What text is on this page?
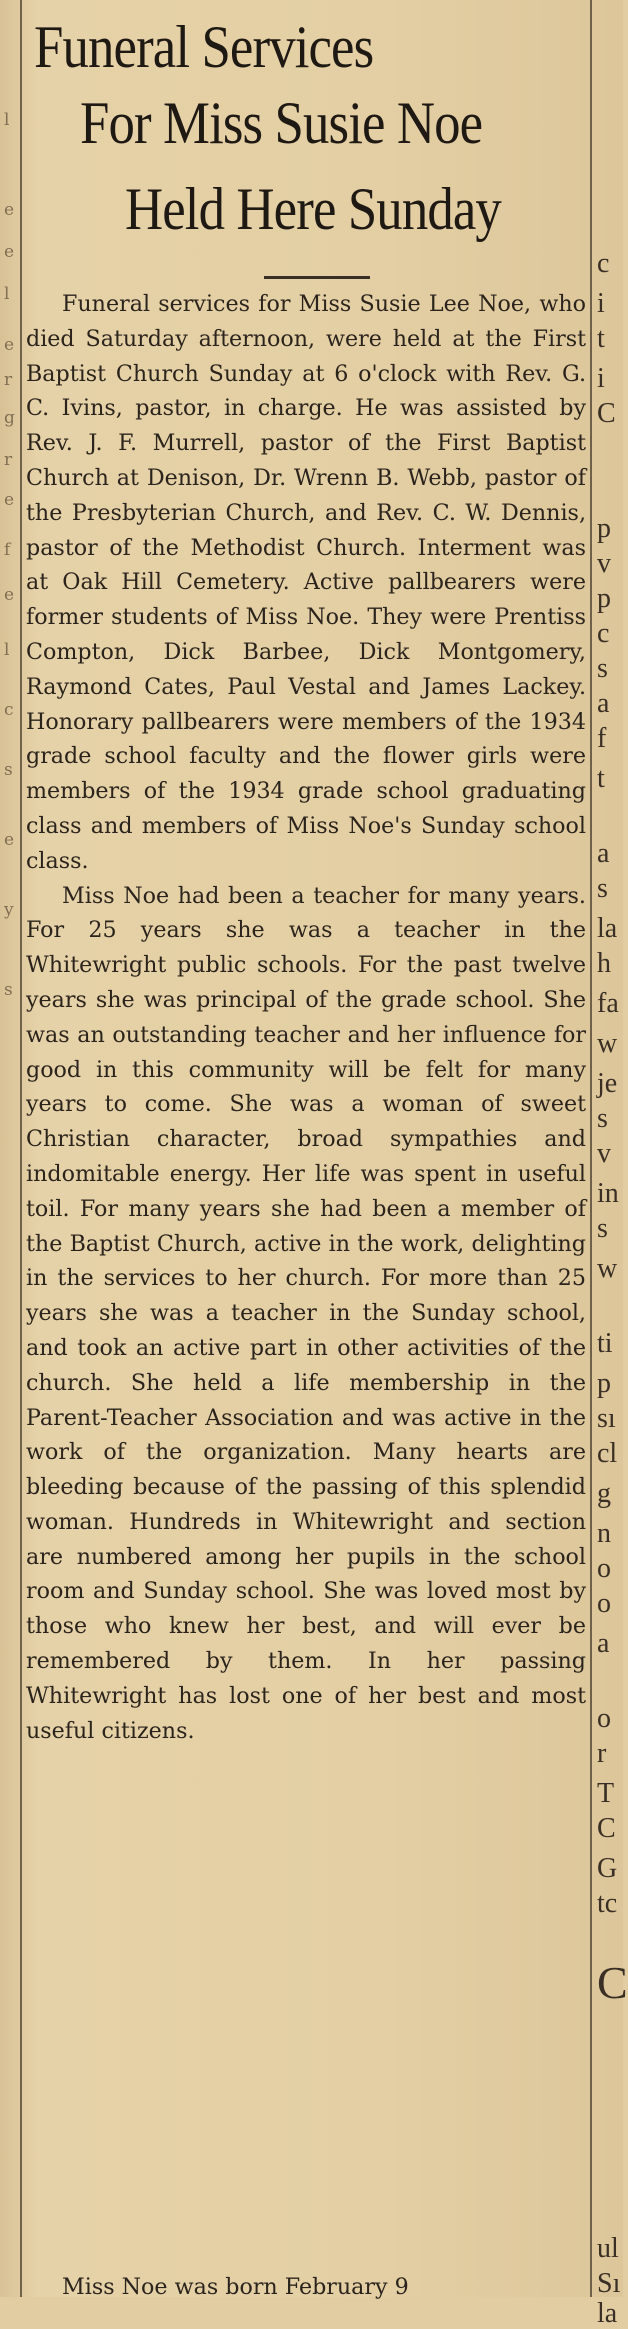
l
e
e
l
e
r
g
r
e
f
e
l
c
s
e
y
s
Funeral Services
For Miss Susie Noe
Held Here Sunday

Funeral services for Miss Susie Lee Noe, who died Saturday afternoon, were held at the First Baptist Church Sunday at 6 o'clock with Rev. G. C. Ivins, pastor, in charge. He was assisted by Rev. J. F. Murrell, pastor of the First Baptist Church at Denison, Dr. Wrenn B. Webb, pastor of the Presbyterian Church, and Rev. C. W. Dennis, pastor of the Methodist Church. Interment was at Oak Hill Cemetery. Active pallbearers were former students of Miss Noe. They were Prentiss Compton, Dick Barbee, Dick Montgomery, Raymond Cates, Paul Vestal and James Lackey. Honorary pallbearers were members of the 1934 grade school faculty and the flower girls were members of the 1934 grade school graduating class and members of Miss Noe's Sunday school class.

Miss Noe had been a teacher for many years. For 25 years she was a teacher in the Whitewright public schools. For the past twelve years she was principal of the grade school. She was an outstanding teacher and her influence for good in this community will be felt for many years to come. She was a woman of sweet Christian character, broad sympathies and indomitable energy. Her life was spent in useful toil. For many years she had been a member of the Baptist Church, active in the work, delighting in the services to her church. For more than 25 years she was a teacher in the Sunday school, and took an active part in other activities of the church. She held a life membership in the Parent-Teacher Association and was active in the work of the organization. Many hearts are bleeding because of the passing of this splendid woman. Hundreds in Whitewright and section are numbered among her pupils in the school room and Sunday school. She was loved most by those who knew her best, and will ever be remembered by them. In her passing Whitewright has lost one of her best and most useful citizens.

Miss Noe was born February 9

c
i
t
i
C
p
v
p
c
s
a
f
t
a
s
la
h
fa
w
je
s
v
in
s
w
ti
p
sı
cl
g
n
o
o
a
o
r
T
C
G
tc
C
ul
Sı
la
